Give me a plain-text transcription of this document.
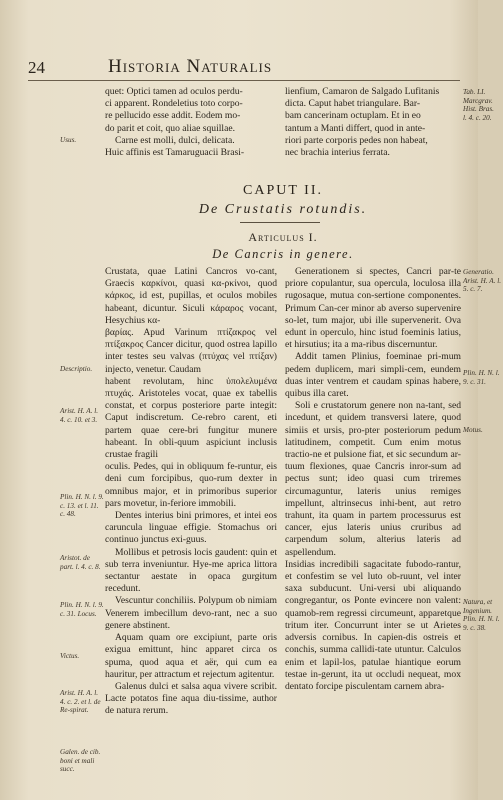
24	Historia Naturalis

quet: Optici tamen ad oculos perdu-

ci apparent. Rondeletius toto corpo-

re pellucido esse addit. Eodem mo-

do parit et coit, quo aliae squillae.

Carne est molli, dulci, delicata.

Huic affinis est Tamaruguacii Brasi-

Usus.

lienfium, Camaron de Salgado Lufitanis

dicta. Caput habet triangulare. Bar-

bam cancerinam octuplam. Et in eo

tantum a Manti differt, quod in ante-

riori parte corporis pedes non habeat,

nec brachia interius ferrata.

Tab. LI.
Marcgrav.
Hist. Bras.
l. 4. c. 20.
CAPUT II.
De Crustatis rotundis.
Articulus I.
De Cancris in genere.

Crustata, quae Latini Cancros vo-cant, Graecis καρκίνοι, quasi κα-ρκίνοι, quod κάρκος, id est, pupillas, et oculos mobiles habeant, dicuntur. Siculi κάραρος vocant, Hesychius κα-

βαρίας. Apud Varinum πτίζακρος vel πτίξακρος Cancer dicitur, quod ostrea lapillo inter testes seu valvas (πτύχας vel πτίξαν) injecto, venetur. Caudam

habent revolutam, hinc ὑπολελυμένα πτυχάς. Aristoteles vocat, quae ex tabellis constat, et corpus posteriore parte integit: Caput indiscretum. Ce-rebro carent, eti partem quae cere-bri fungitur munere habeant. In obli-quum aspiciunt inclusis crustae fragili

oculis. Pedes, qui in obliquum fe-runtur, eis deni cum forcipibus, quo-rum dexter in omnibus major, et in primoribus superior pars movetur, in-feriore immobili.

Dentes interius bini primores, et intei eos caruncula linguae effigie. Stomachus ori continuo junctus exi-guus.

Mollibus et petrosis locis gaudent: quin et sub terra inveniuntur. Hye-me aprica littora sectantur aestate in opaca gurgitum recedunt.

Vescuntur conchiliis. Polypum ob nimiam Venerem imbecillum devo-rant, nec a suo genere abstinent.

Aquam quam ore excipiunt, parte oris exigua emittunt, hinc apparet circa os spuma, quod aqua et aër, qui cum ea hauritur, per attractum et rejectum agitentur.

Galenus dulci et salsa aqua vivere scribit. Lacte potatos fine aqua diu-tissime, author de natura rerum.

Descriptio.
Arist. H. A. l. 4. c. 10. et 3.
Plin. H. N. l. 9. c. 13. et l. 11. c. 48.
Aristot. de part. l. 4. c. 8.
Plin. H. N. l. 9. c. 31. Locus.
Victus.
Arist. H. A. l. 4. c. 2. et l. de Re-spirat.
Galen. de cib. boni et mali succ.

Generationem si spectes, Cancri par-te priore copulantur, sua opercula, loculosa illa rugosaque, mutua con-sertione componentes. Primum Can-cer minor ab averso supervenire so-let, tum major, ubi ille supervenerit. Ova edunt in operculo, hinc istud foeminis latius, et hirsutius; ita a ma-ribus discernuntur.

Addit tamen Plinius, foeminae pri-mum pedem duplicem, mari simpli-cem, eundem duas inter ventrem et caudam spinas habere, quibus illa caret.

Soli e crustatorum genere non na-tant, sed incedunt, et quidem transversi latere, quod simiis et ursis, pro-pter posteriorum pedum latitudinem, competit. Cum enim motus tractio-ne et pulsione fiat, et sic secundum ar-tuum flexiones, quae Cancris inror-sum ad pectus sunt; ideo quasi cum triremes circumaguntur, lateris unius remiges impellunt, altrinsecus inhi-bent, aut retro trahunt, ita quam in partem processurus est cancer, ejus lateris unius cruribus ad carpendum solum, alterius lateris ad aspellendum.

Insidias incredibili sagacitate fubodo-rantur, et confestim se vel luto ob-ruunt, vel inter saxa subducunt. Uni-versi ubi aliquando congregantur, os Ponte evincere non valent: quamob-rem regressi circumeunt, apparetque tritum iter. Concurrunt inter se ut Arietes adversis cornibus. In capien-dis ostreis et conchis, summa callidi-tate utuntur. Calculos enim et lapil-los, patulae hiantique eorum testae in-gerunt, ita ut occludi nequeat, mox dentato forcipe pisculentam carnem abra-

Generatio. Arist. H. A. l. 5. c. 7.
Plin. H. N. l. 9. c. 31.
Motus.
Natura, et Ingenium. Plin. H. N. l. 9. c. 38.
